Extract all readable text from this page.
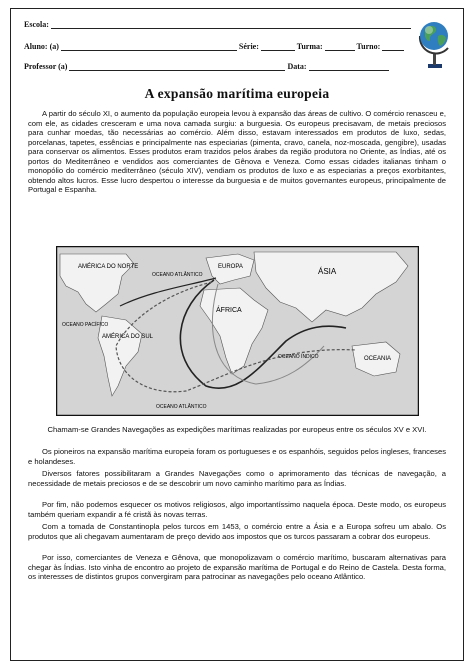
Escola:
Aluno: (a)	Série:	Turma:	Turno:
Professor (a)	Data:
A expansão marítima europeia
A partir do século XI, o aumento da população europeia levou à expansão das áreas de cultivo. O comércio renasceu e, com ele, as cidades cresceram e uma nova camada surgiu: a burguesia. Os europeus precisavam, de metais preciosos para cunhar moedas, tão necessárias ao comércio. Além disso, estavam interessados em produtos de luxo, sedas, porcelanas, tapetes, essências e principalmente nas especiarias (pimenta, cravo, canela, noz-moscada, gengibre), usadas para conservar os alimentos. Esses produtos eram trazidos pelos árabes da região produtora no Oriente, as Índias, até os portos do Mediterrâneo e vendidos aos comerciantes de Gênova e Veneza. Como essas cidades italianas tinham o monopólio do comércio mediterrâneo (século XIV), vendiam os produtos de luxo e as especiarias a preços exorbitantes, obtendo altos lucros. Esse lucro despertou o interesse da burguesia e de muitos governantes europeus, principalmente de Portugal e Espanha.
AMÉRICA DO NORTE
AMÉRICA DO SUL
EUROPA
ÁFRICA
ÁSIA
OCEANIA
OCEANO ATLÂNTICO
OCEANO ATLÂNTICO
OCEANO PACÍFICO
OCEANO ÍNDICO
Chamam-se Grandes Navegações as expedições marítimas realizadas por europeus entre os séculos XV e XVI.
Os pioneiros na expansão marítima europeia foram os portugueses e os espanhóis, seguidos pelos ingleses, franceses e holandeses.
Diversos fatores possibilitaram a Grandes Navegações como o aprimoramento das técnicas de navegação, a necessidade de metais preciosos e de se descobrir um novo caminho marítimo para as Índias.
Por fim, não podemos esquecer os motivos religiosos, algo importantíssimo naquela época. Deste modo, os europeus também queriam expandir a fé cristã às novas terras.
Com a tomada de Constantinopla pelos turcos em 1453, o comércio entre a Ásia e a Europa sofreu um abalo. Os produtos que ali chegavam aumentaram de preço devido aos impostos que os turcos passaram a cobrar dos europeus.
Por isso, comerciantes de Veneza e Gênova, que monopolizavam o comércio marítimo, buscaram alternativas para chegar às Índias. Isto vinha de encontro ao projeto de expansão marítima de Portugal e do Reino de Castela. Desta forma, os interesses de distintos grupos convergiram para patrocinar as navegações pelo oceano Atlântico.
